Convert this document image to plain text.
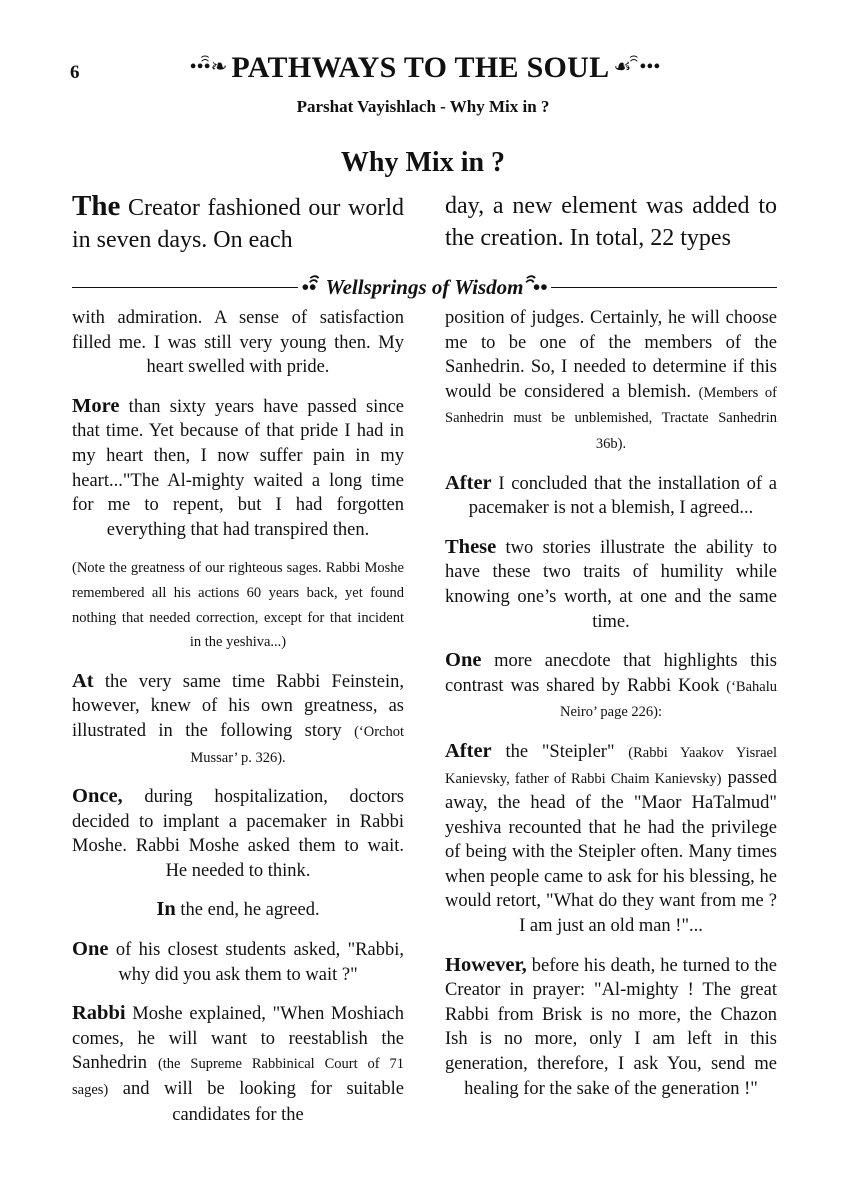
6	•••ꩰ❧ PATHWAYS TO THE SOUL ☙ꩰ•••
Parshat Vayishlach - Why Mix in ?
Why Mix in ?
The Creator fashioned our world in seven days. On each
day, a new element was added to the creation. In total, 22 types
••ꩰ Wellsprings of Wisdom ꩰ••

with admiration. A sense of satisfaction filled me. I was still very young then. My heart swelled with pride.

More than sixty years have passed since that time. Yet because of that pride I had in my heart then, I now suffer pain in my heart..."The Al-mighty waited a long time for me to repent, but I had forgotten everything that had transpired then.

(Note the greatness of our righteous sages. Rabbi Moshe remembered all his actions 60 years back, yet found nothing that needed correction, except for that incident in the yeshiva...)

At the very same time Rabbi Feinstein, however, knew of his own greatness, as illustrated in the following story (‘Orchot Mussar’ p. 326).

Once, during hospitalization, doctors decided to implant a pacemaker in Rabbi Moshe. Rabbi Moshe asked them to wait. He needed to think.

In the end, he agreed.

One of his closest students asked, "Rabbi, why did you ask them to wait ?"

Rabbi Moshe explained, "When Moshiach comes, he will want to reestablish the Sanhedrin (the Supreme Rabbinical Court of 71 sages) and will be looking for suitable candidates for the

position of judges. Certainly, he will choose me to be one of the members of the Sanhedrin. So, I needed to determine if this would be considered a blemish. (Members of Sanhedrin must be unblemished, Tractate Sanhedrin 36b).

After I concluded that the installation of a pacemaker is not a blemish, I agreed...

These two stories illustrate the ability to have these two traits of humility while knowing one’s worth, at one and the same time.

One more anecdote that highlights this contrast was shared by Rabbi Kook (‘Bahalu Neiro’ page 226):

After the "Steipler" (Rabbi Yaakov Yisrael Kanievsky, father of Rabbi Chaim Kanievsky) passed away, the head of the "Maor HaTalmud" yeshiva recounted that he had the privilege of being with the Steipler often. Many times when people came to ask for his blessing, he would retort, "What do they want from me ? I am just an old man !"...

However, before his death, he turned to the Creator in prayer: "Al-mighty ! The great Rabbi from Brisk is no more, the Chazon Ish is no more, only I am left in this generation, therefore, I ask You, send me healing for the sake of the generation !"
